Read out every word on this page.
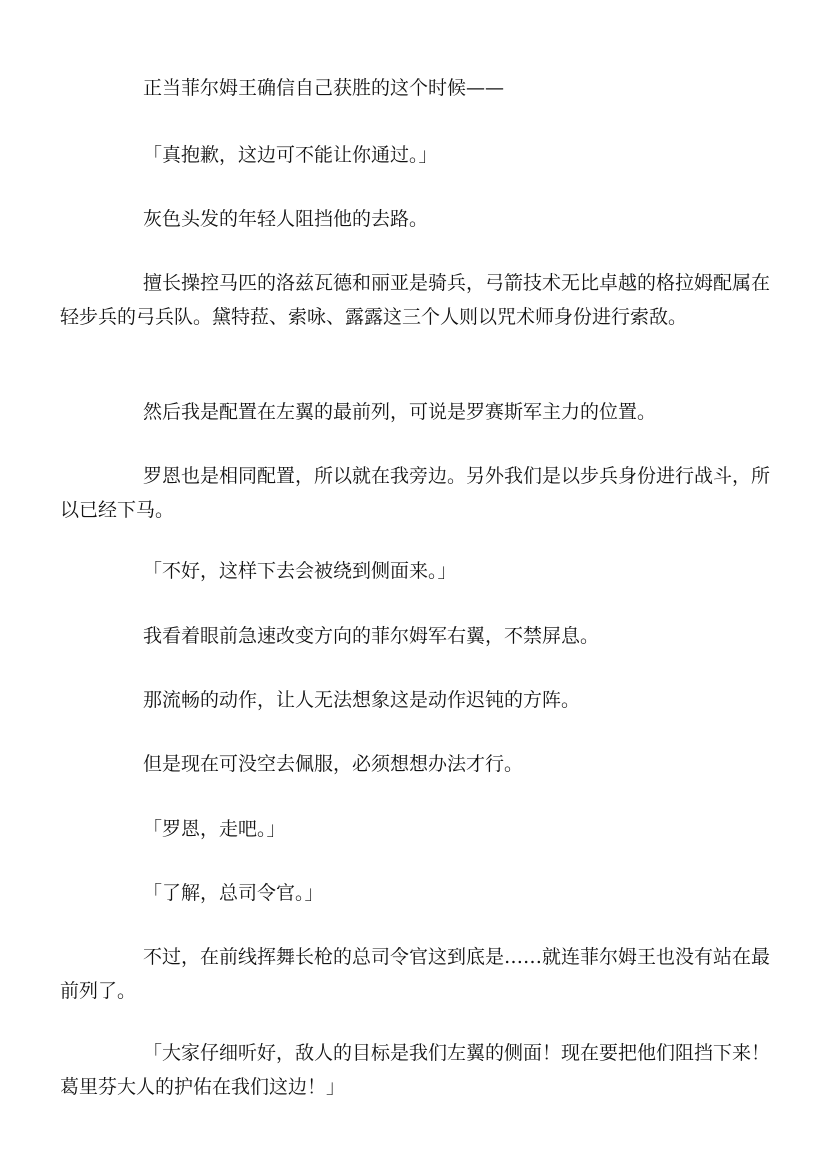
正当菲尔姆王确信自己获胜的这个时候——

「真抱歉，这边可不能让你通过。」

灰色头发的年轻人阻挡他的去路。

擅长操控马匹的洛兹瓦德和丽亚是骑兵，弓箭技术无比卓越的格拉姆配属在轻步兵的弓兵队。黛特菈、索咏、露露这三个人则以咒术师身份进行索敌。

然后我是配置在左翼的最前列，可说是罗赛斯军主力的位置。

罗恩也是相同配置，所以就在我旁边。另外我们是以步兵身份进行战斗，所以已经下马。

「不好，这样下去会被绕到侧面来。」

我看着眼前急速改变方向的菲尔姆军右翼，不禁屏息。

那流畅的动作，让人无法想象这是动作迟钝的方阵。

但是现在可没空去佩服，必须想想办法才行。

「罗恩，走吧。」

「了解，总司令官。」

不过，在前线挥舞长枪的总司令官这到底是……就连菲尔姆王也没有站在最前列了。

「大家仔细听好，敌人的目标是我们左翼的侧面！现在要把他们阻挡下来！葛里芬大人的护佑在我们这边！」
